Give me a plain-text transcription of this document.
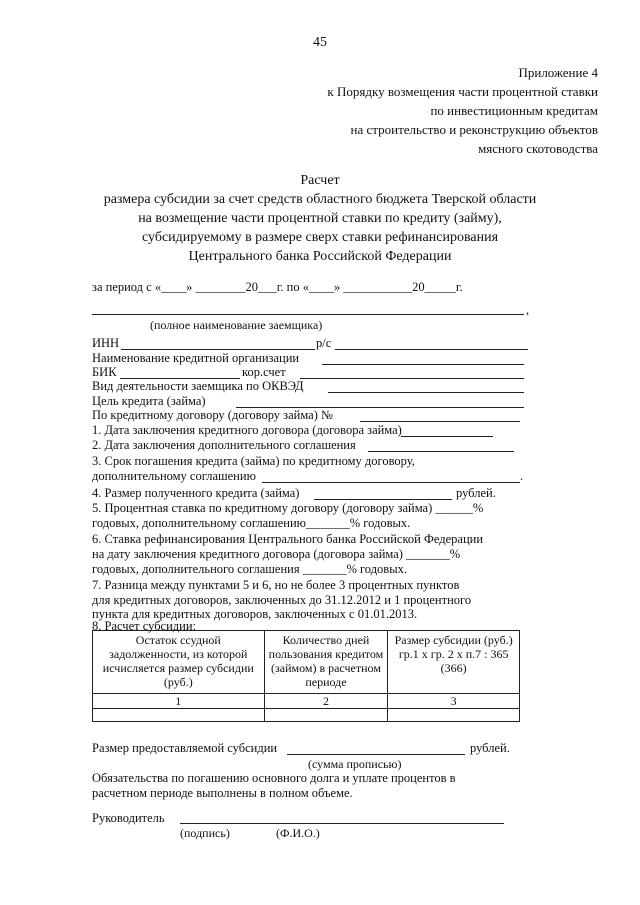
45
Приложение 4
к Порядку возмещения части процентной ставки
по инвестиционным кредитам
на строительство и реконструкцию объектов
мясного скотоводства
Расчет
размера субсидии за счет средств областного бюджета Тверской области
на возмещение части процентной ставки по кредиту (займу),
субсидируемому в размере сверх ставки рефинансирования
Центрального банка Российской Федерации
за период с «____» ________20___г. по «____» ___________20_____г.
,
(полное наименование заемщика)
ИНН	р/с
Наименование кредитной организации
БИК	кор.счет
Вид деятельности заемщика по ОКВЭД
Цель кредита (займа)
По кредитному договору (договору займа) №
1. Дата заключения кредитного договора (договора займа)
2. Дата заключения дополнительного соглашения
3. Срок погашения кредита (займа) по кредитному договору,
дополнительному соглашению	.
4. Размер полученного кредита (займа)	рублей.
5. Процентная ставка по кредитному договору (договору займа) ______%
годовых, дополнительному соглашению_______% годовых.
6. Ставка рефинансирования Центрального банка Российской Федерации
на дату заключения кредитного договора (договора займа) _______%
годовых, дополнительного соглашения _______% годовых.
7. Разница между пунктами 5 и 6, но не более 3 процентных пунктов
для кредитных договоров, заключенных до 31.12.2012 и 1 процентного
пункта для кредитных договоров, заключенных с 01.01.2013.
8. Расчет субсидии:
Остаток ссудной задолженности, из которой исчисляется размер субсидии (руб.)	Количество дней пользования кредитом (займом) в расчетном периоде	Размер субсидии (руб.) гр.1 х гр. 2 х п.7 : 365 (366)
1	2	3

Размер предоставляемой субсидии	рублей.
(сумма прописью)
Обязательства по погашению основного долга и уплате процентов в
расчетном периоде выполнены в полном объеме.
Руководитель
(подпись)	(Ф.И.О.)
